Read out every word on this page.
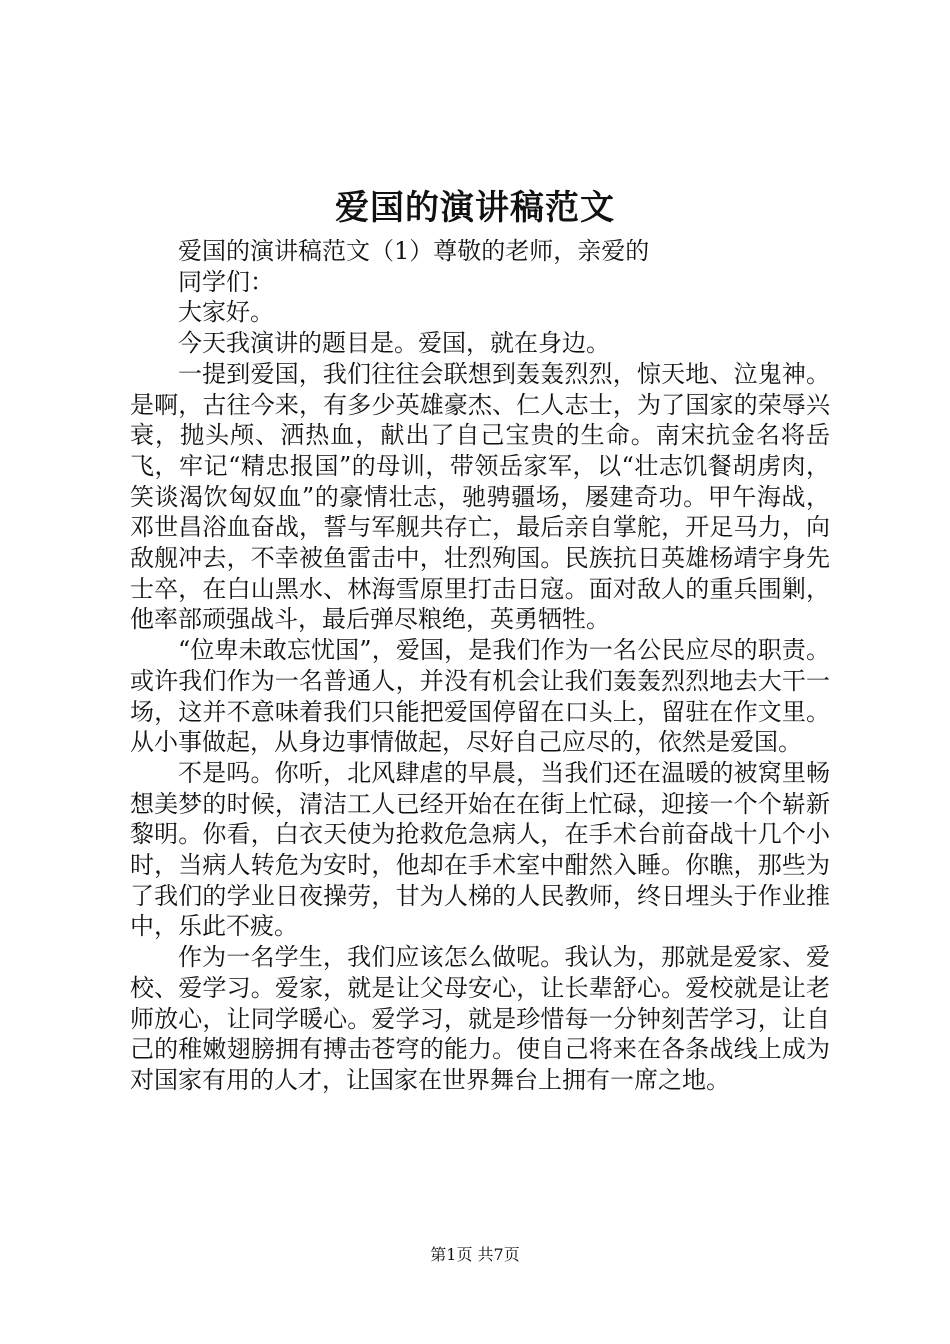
爱国的演讲稿范文

爱国的演讲稿范文（1）尊敬的老师，亲爱的

同学们：

大家好。

今天我演讲的题目是。爱国，就在身边。

一提到爱国，我们往往会联想到轰轰烈烈，惊天地、泣鬼神。是啊，古往今来，有多少英雄豪杰、仁人志士，为了国家的荣辱兴衰，抛头颅、洒热血，献出了自己宝贵的生命。南宋抗金名将岳飞，牢记“精忠报国”的母训，带领岳家军，以“壮志饥餐胡虏肉，笑谈渴饮匈奴血”的豪情壮志，驰骋疆场，屡建奇功。甲午海战，邓世昌浴血奋战，誓与军舰共存亡，最后亲自掌舵，开足马力，向敌舰冲去，不幸被鱼雷击中，壮烈殉国。民族抗日英雄杨靖宇身先士卒，在白山黑水、林海雪原里打击日寇。面对敌人的重兵围剿，他率部顽强战斗，最后弹尽粮绝，英勇牺牲。

“位卑未敢忘忧国”，爱国，是我们作为一名公民应尽的职责。或许我们作为一名普通人，并没有机会让我们轰轰烈烈地去大干一场，这并不意味着我们只能把爱国停留在口头上，留驻在作文里。从小事做起，从身边事情做起，尽好自己应尽的，依然是爱国。

不是吗。你听，北风肆虐的早晨，当我们还在温暖的被窝里畅想美梦的时候，清洁工人已经开始在在街上忙碌，迎接一个个崭新黎明。你看，白衣天使为抢救危急病人，在手术台前奋战十几个小时，当病人转危为安时，他却在手术室中酣然入睡。你瞧，那些为了我们的学业日夜操劳，甘为人梯的人民教师，终日埋头于作业推中，乐此不疲。

作为一名学生，我们应该怎么做呢。我认为，那就是爱家、爱校、爱学习。爱家，就是让父母安心，让长辈舒心。爱校就是让老师放心，让同学暖心。爱学习，就是珍惜每一分钟刻苦学习，让自己的稚嫩翅膀拥有搏击苍穹的能力。使自己将来在各条战线上成为对国家有用的人才，让国家在世界舞台上拥有一席之地。

第1页 共7页
